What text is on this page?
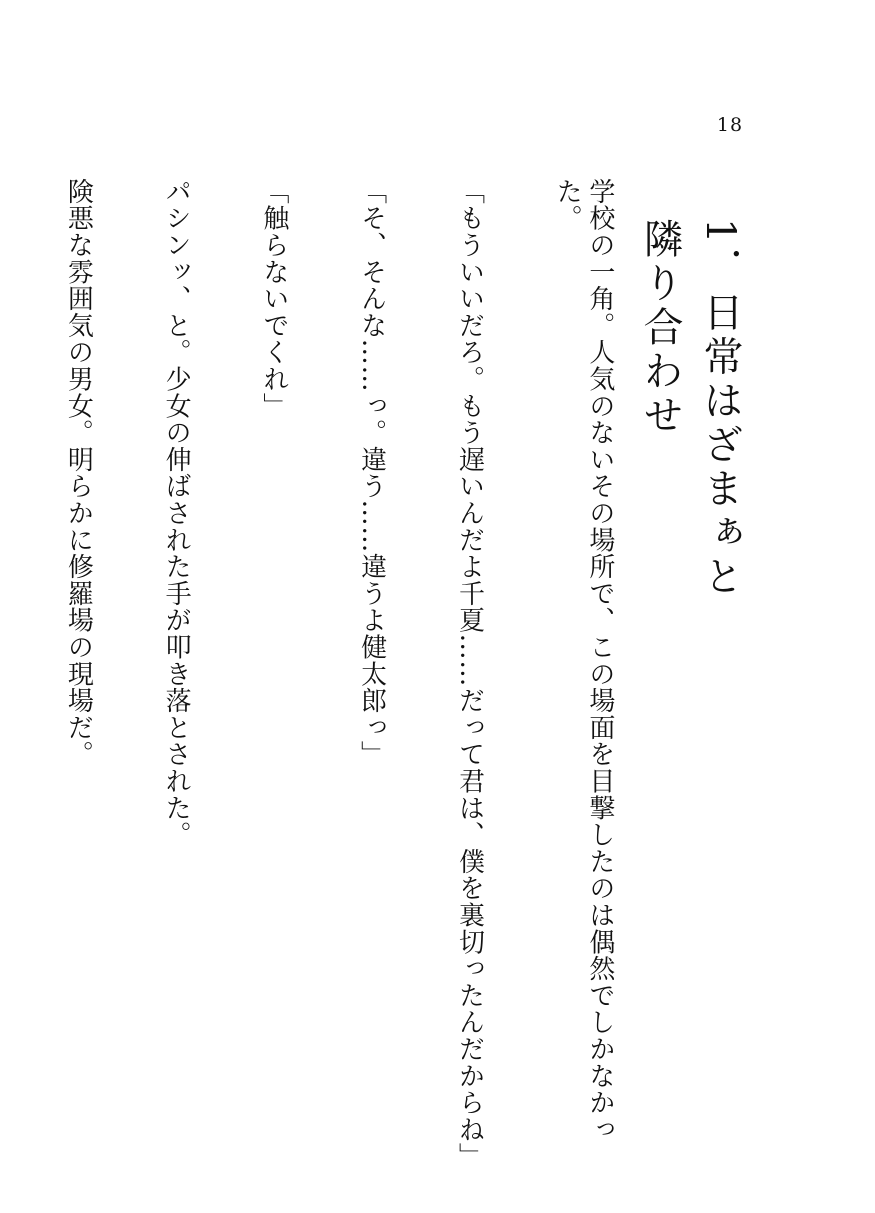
18
1．日常はざまぁと隣り合わせ

学校の一角。人気のないその場所で、この場面を目撃したのは偶然でしかなかった。

「もういいだろ。もう遅いんだよ千夏……だって君は、僕を裏切ったんだからね」

「そ、そんな……っ。違う……違うよ健太郎っ」

「触らないでくれ」

パシンッ、と。少女の伸ばされた手が叩き落とされた。

険悪な雰囲気の男女。明らかに修羅場の現場だ。
